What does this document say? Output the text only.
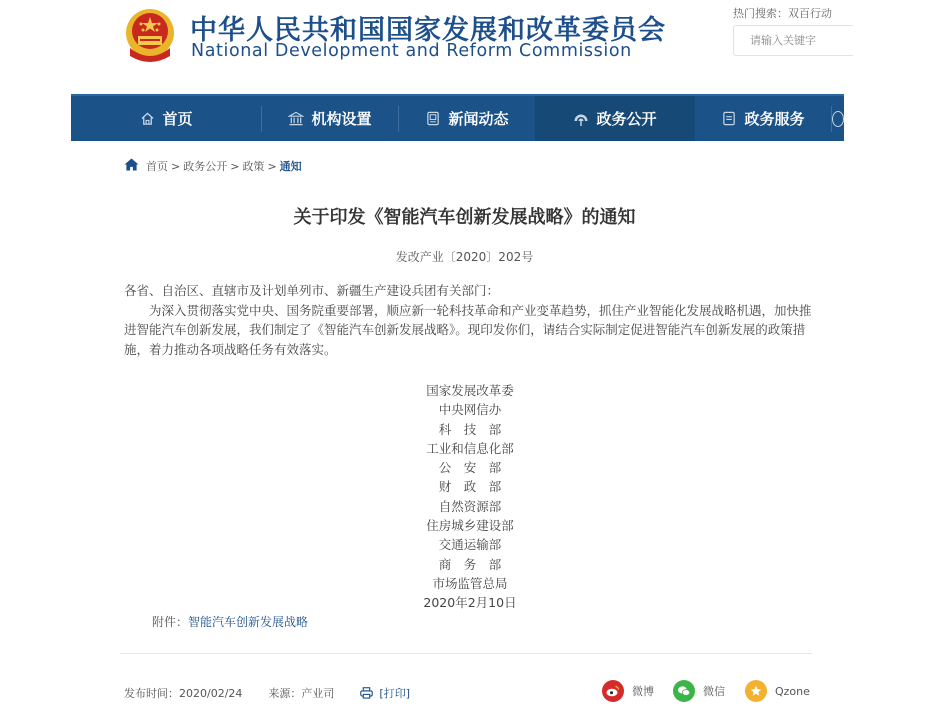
中华人民共和国国家发展和改革委员会
National Development and Reform Commission
热门搜索：双百行动
请输入关键字
首页	机构设置	新闻动态	政务公开	政务服务
首页 > 政务公开 > 政策 > 通知
关于印发《智能汽车创新发展战略》的通知
发改产业〔2020〕202号

各省、自治区、直辖市及计划单列市、新疆生产建设兵团有关部门：

为深入贯彻落实党中央、国务院重要部署，顺应新一轮科技革命和产业变革趋势，抓住产业智能化发展战略机遇，加快推进智能汽车创新发展，我们制定了《智能汽车创新发展战略》。现印发你们，请结合实际制定促进智能汽车创新发展的政策措施，着力推动各项战略任务有效落实。

国家发展改革委
中央网信办
科　技　部
工业和信息化部
公　安　部
财　政　部
自然资源部
住房城乡建设部
交通运输部
商　务　部
市场监管总局
2020年2月10日
附件：智能汽车创新发展战略
发布时间： 2020/02/24 来源： 产业司	[打印]	微博	微信	Qzone
